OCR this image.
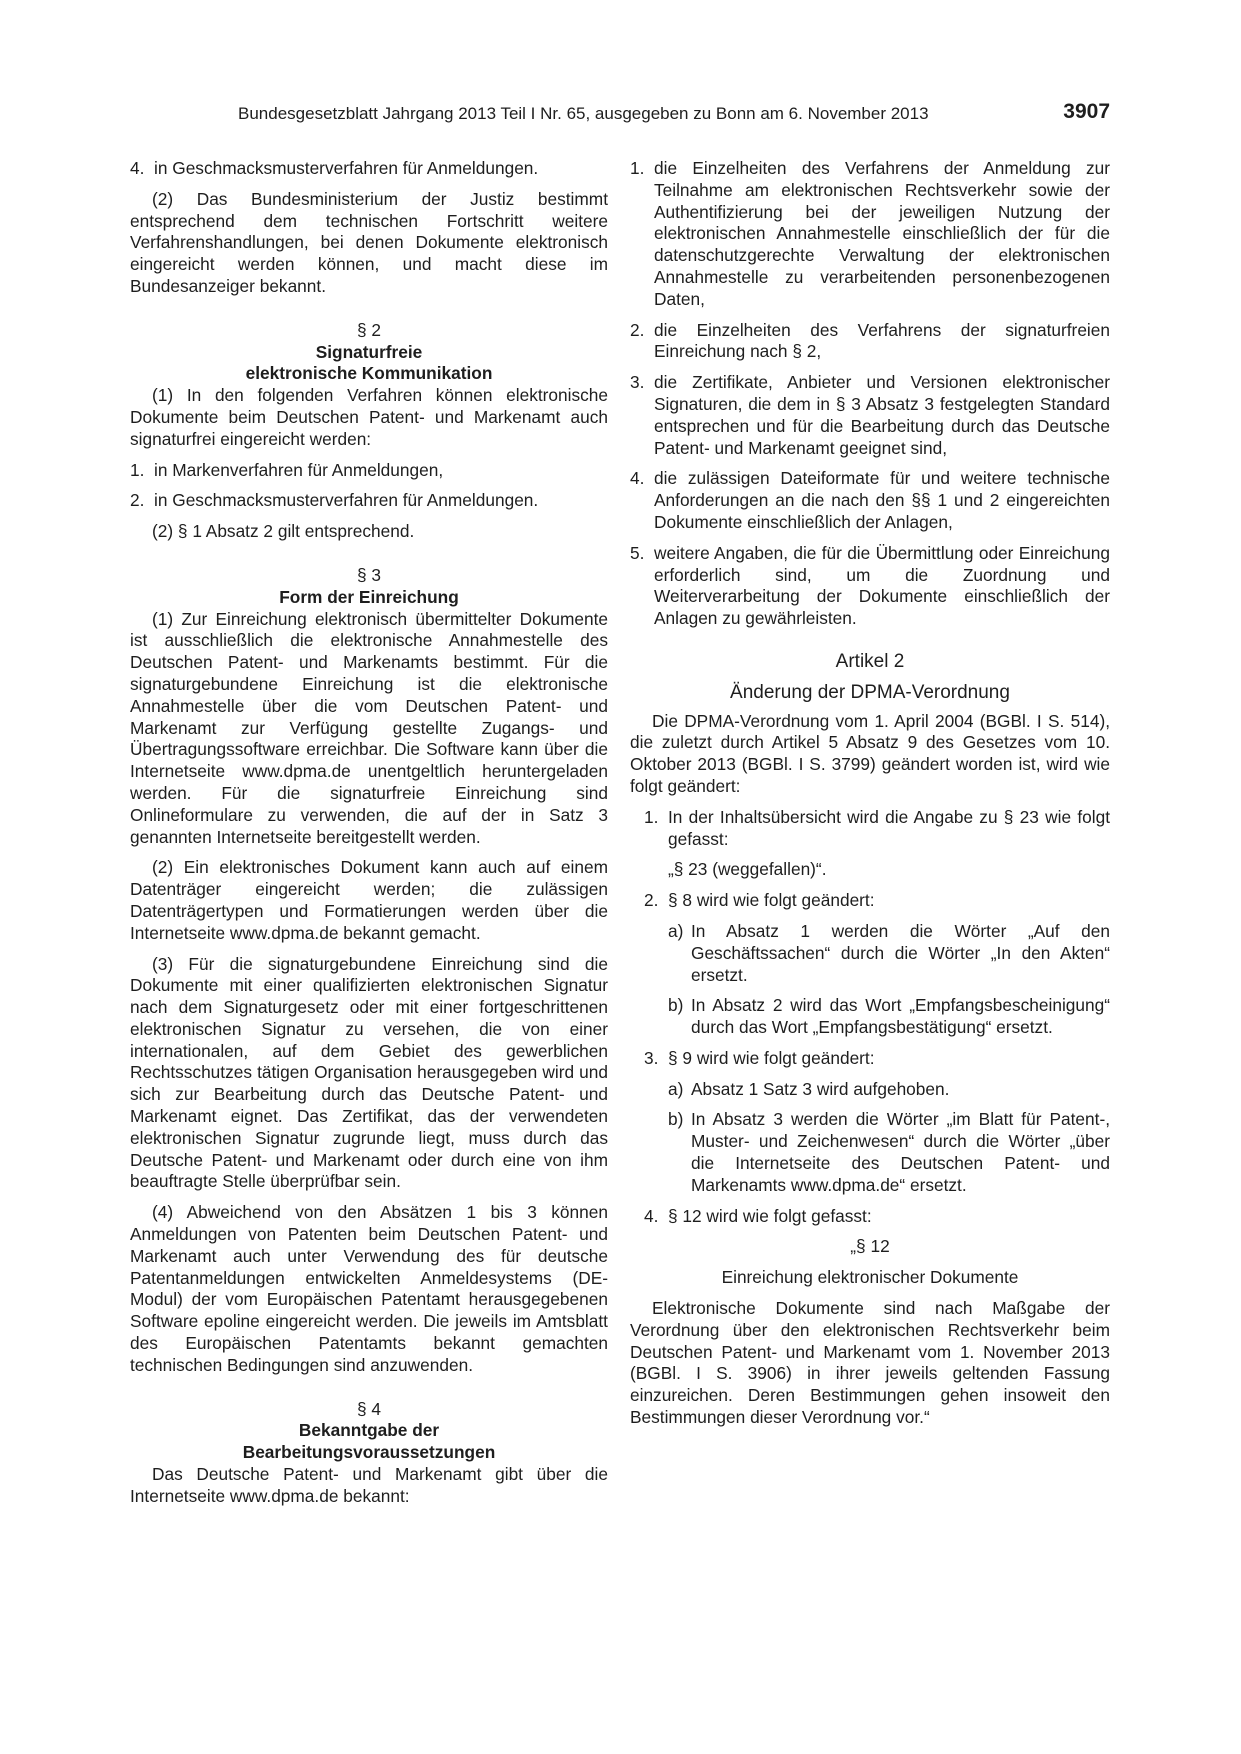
Bundesgesetzblatt Jahrgang 2013 Teil I Nr. 65, ausgegeben zu Bonn am 6. November 2013	3907
4. in Geschmacksmusterverfahren für Anmeldungen.

(2) Das Bundesministerium der Justiz bestimmt entsprechend dem technischen Fortschritt weitere Verfahrenshandlungen, bei denen Dokumente elektronisch eingereicht werden können, und macht diese im Bundesanzeiger bekannt.

§ 2
Signaturfreie
elektronische Kommunikation

(1) In den folgenden Verfahren können elektronische Dokumente beim Deutschen Patent- und Markenamt auch signaturfrei eingereicht werden:

1. in Markenverfahren für Anmeldungen,
2. in Geschmacksmusterverfahren für Anmeldungen.

(2) § 1 Absatz 2 gilt entsprechend.

§ 3
Form der Einreichung

(1) Zur Einreichung elektronisch übermittelter Dokumente ist ausschließlich die elektronische Annahmestelle des Deutschen Patent- und Markenamts bestimmt. Für die signaturgebundene Einreichung ist die elektronische Annahmestelle über die vom Deutschen Patent- und Markenamt zur Verfügung gestellte Zugangs- und Übertragungssoftware erreichbar. Die Software kann über die Internetseite www.dpma.de unentgeltlich heruntergeladen werden. Für die signaturfreie Einreichung sind Onlineformulare zu verwenden, die auf der in Satz 3 genannten Internetseite bereitgestellt werden.

(2) Ein elektronisches Dokument kann auch auf einem Datenträger eingereicht werden; die zulässigen Datenträgertypen und Formatierungen werden über die Internetseite www.dpma.de bekannt gemacht.

(3) Für die signaturgebundene Einreichung sind die Dokumente mit einer qualifizierten elektronischen Signatur nach dem Signaturgesetz oder mit einer fortgeschrittenen elektronischen Signatur zu versehen, die von einer internationalen, auf dem Gebiet des gewerblichen Rechtsschutzes tätigen Organisation herausgegeben wird und sich zur Bearbeitung durch das Deutsche Patent- und Markenamt eignet. Das Zertifikat, das der verwendeten elektronischen Signatur zugrunde liegt, muss durch das Deutsche Patent- und Markenamt oder durch eine von ihm beauftragte Stelle überprüfbar sein.

(4) Abweichend von den Absätzen 1 bis 3 können Anmeldungen von Patenten beim Deutschen Patent- und Markenamt auch unter Verwendung des für deutsche Patentanmeldungen entwickelten Anmeldesystems (DE-Modul) der vom Europäischen Patentamt herausgegebenen Software epoline eingereicht werden. Die jeweils im Amtsblatt des Europäischen Patentamts bekannt gemachten technischen Bedingungen sind anzuwenden.

§ 4
Bekanntgabe der
Bearbeitungsvoraussetzungen

Das Deutsche Patent- und Markenamt gibt über die Internetseite www.dpma.de bekannt:

1. die Einzelheiten des Verfahrens der Anmeldung zur Teilnahme am elektronischen Rechtsverkehr sowie der Authentifizierung bei der jeweiligen Nutzung der elektronischen Annahmestelle einschließlich der für die datenschutzgerechte Verwaltung der elektronischen Annahmestelle zu verarbeitenden personenbezogenen Daten,
2. die Einzelheiten des Verfahrens der signaturfreien Einreichung nach § 2,
3. die Zertifikate, Anbieter und Versionen elektronischer Signaturen, die dem in § 3 Absatz 3 festgelegten Standard entsprechen und für die Bearbeitung durch das Deutsche Patent- und Markenamt geeignet sind,
4. die zulässigen Dateiformate für und weitere technische Anforderungen an die nach den §§ 1 und 2 eingereichten Dokumente einschließlich der Anlagen,
5. weitere Angaben, die für die Übermittlung oder Einreichung erforderlich sind, um die Zuordnung und Weiterverarbeitung der Dokumente einschließlich der Anlagen zu gewährleisten.
Artikel 2
Änderung der DPMA-Verordnung

Die DPMA-Verordnung vom 1. April 2004 (BGBl. I S. 514), die zuletzt durch Artikel 5 Absatz 9 des Gesetzes vom 10. Oktober 2013 (BGBl. I S. 3799) geändert worden ist, wird wie folgt geändert:

1. In der Inhaltsübersicht wird die Angabe zu § 23 wie folgt gefasst:
„§ 23 (weggefallen)“.
2. § 8 wird wie folgt geändert:
a) In Absatz 1 werden die Wörter „Auf den Geschäftssachen“ durch die Wörter „In den Akten“ ersetzt.
b) In Absatz 2 wird das Wort „Empfangsbescheinigung“ durch das Wort „Empfangsbestätigung“ ersetzt.
3. § 9 wird wie folgt geändert:
a) Absatz 1 Satz 3 wird aufgehoben.
b) In Absatz 3 werden die Wörter „im Blatt für Patent-, Muster- und Zeichenwesen“ durch die Wörter „über die Internetseite des Deutschen Patent- und Markenamts www.dpma.de“ ersetzt.
4. § 12 wird wie folgt gefasst:
„§ 12
Einreichung elektronischer Dokumente

Elektronische Dokumente sind nach Maßgabe der Verordnung über den elektronischen Rechtsverkehr beim Deutschen Patent- und Markenamt vom 1. November 2013 (BGBl. I S. 3906) in ihrer jeweils geltenden Fassung einzureichen. Deren Bestimmungen gehen insoweit den Bestimmungen dieser Verordnung vor.“
